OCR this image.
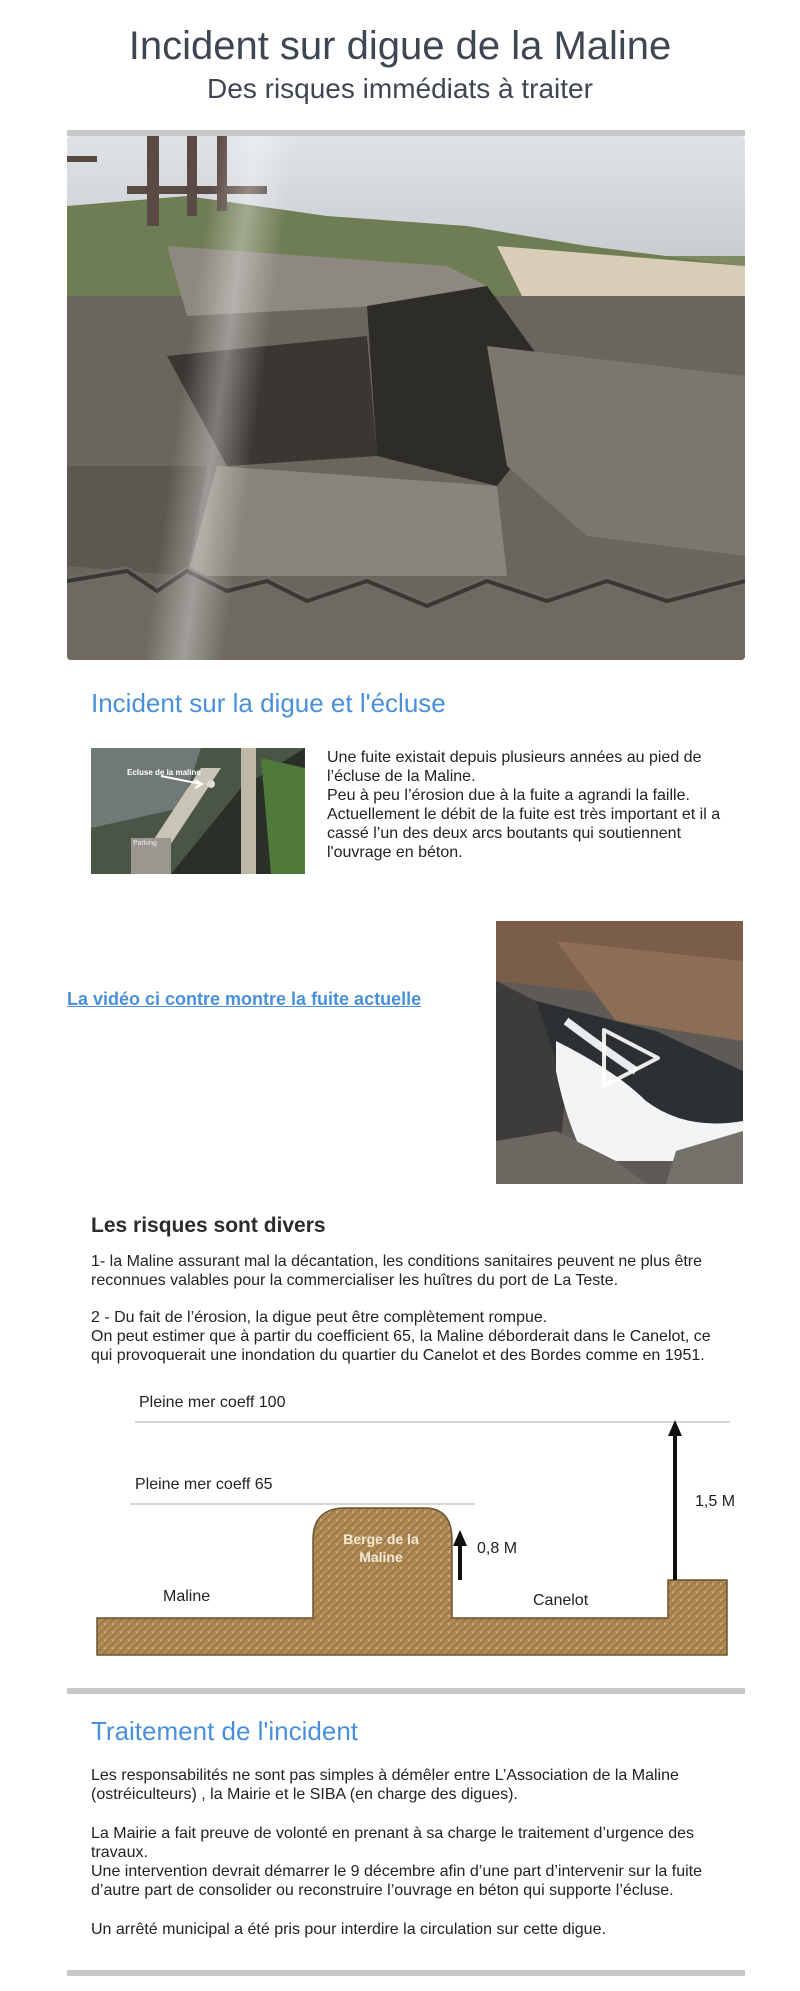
Incident sur digue de la Maline
Des risques immédiats à traiter
Incident sur la digue et l'écluse
Ecluse de la maline
Parking
Une fuite existait depuis plusieurs années au pied de
l’écluse de la Maline.
Peu à peu l’érosion due à la fuite a agrandi la faille.
Actuellement le débit de la fuite est très important et il a
cassé l’un des deux arcs boutants qui soutiennent
l'ouvrage en béton.
La vidéo ci contre montre la fuite actuelle
Les risques sont divers
1- la Maline assurant mal la décantation, les conditions sanitaires peuvent ne plus être
reconnues valables pour la commercialiser les huîtres du port de La Teste.
2 - Du fait de l’érosion, la digue peut être complètement rompue.
On peut estimer que à partir du coefficient 65, la Maline déborderait dans le Canelot, ce
qui provoquerait une inondation du quartier du Canelot et des Bordes comme en 1951.
Pleine mer coeff 100
Pleine mer coeff 65
Berge de la
Maline	0,8 M
1,5 M
Maline	Canelot
Traitement de l'incident
Les responsabilités ne sont pas simples à démêler entre L’Association de la Maline
(ostréiculteurs) , la Mairie et le SIBA (en charge des digues).
La Mairie a fait preuve de volonté en prenant à sa charge le traitement d’urgence des
travaux.
Une intervention devrait démarrer le 9 décembre afin d’une part d’intervenir sur la fuite
d’autre part de consolider ou reconstruire l’ouvrage en béton qui supporte l’écluse.
Un arrêté municipal a été pris pour interdire la circulation sur cette digue.
